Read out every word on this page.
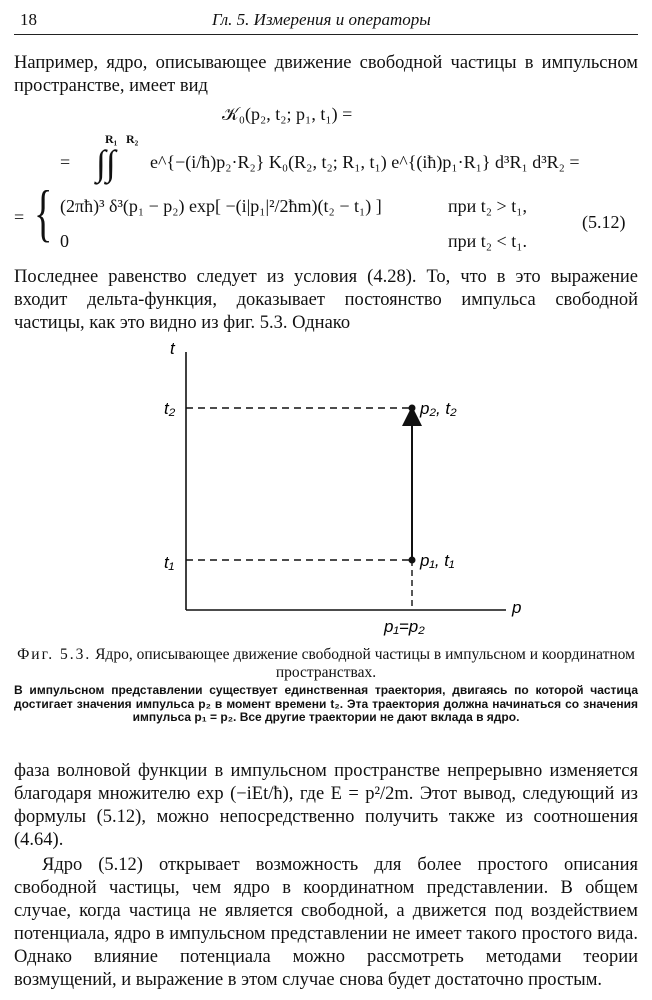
18	Гл. 5. Измерения и операторы
Например, ядро, описывающее движение свободной частицы в импульсном пространстве, имеет вид
𝒦₀(p₂, t₂; p₁, t₁) =
R₁ R₂
= ∫∫ e^{−(i/ħ)p₂·R₂} K₀(R₂, t₂; R₁, t₁) e^{(iħ)p₁·R₁} d³R₁ d³R₂ =
= { (2πħ)³ δ³(p₁ − p₂) exp[ −(i|p₁|²/2ħm)(t₂ − t₁) ]	при t₂ > t₁,
0	при t₂ < t₁.
(5.12)
Последнее равенство следует из условия (4.28). То, что в это выражение входит дельта-функция, доказывает постоянство импульса свободной частицы, как это видно из фиг. 5.3. Однако
t
p
t₂
t₁
p₂, t₂
p₁, t₁
p₁=p₂
Фиг. 5.3. Ядро, описывающее движение свободной частицы в импульсном и координатном пространствах.
В импульсном представлении существует единственная траектория, двигаясь по которой частица достигает значения импульса p₂ в момент времени t₂. Эта траектория должна начинаться со значения импульса p₁ = p₂. Все другие траектории не дают вклада в ядро.
фаза волновой функции в импульсном пространстве непрерывно изменяется благодаря множителю exp (−iEt/ħ), где E = p²/2m. Этот вывод, следующий из формулы (5.12), можно непосредственно получить также из соотношения (4.64).
Ядро (5.12) открывает возможность для более простого описания свободной частицы, чем ядро в координатном представлении. В общем случае, когда частица не является свободной, а движется под воздействием потенциала, ядро в импульсном представлении не имеет такого простого вида. Однако влияние потенциала можно рассмотреть методами теории возмущений, и выражение в этом случае снова будет достаточно простым.
